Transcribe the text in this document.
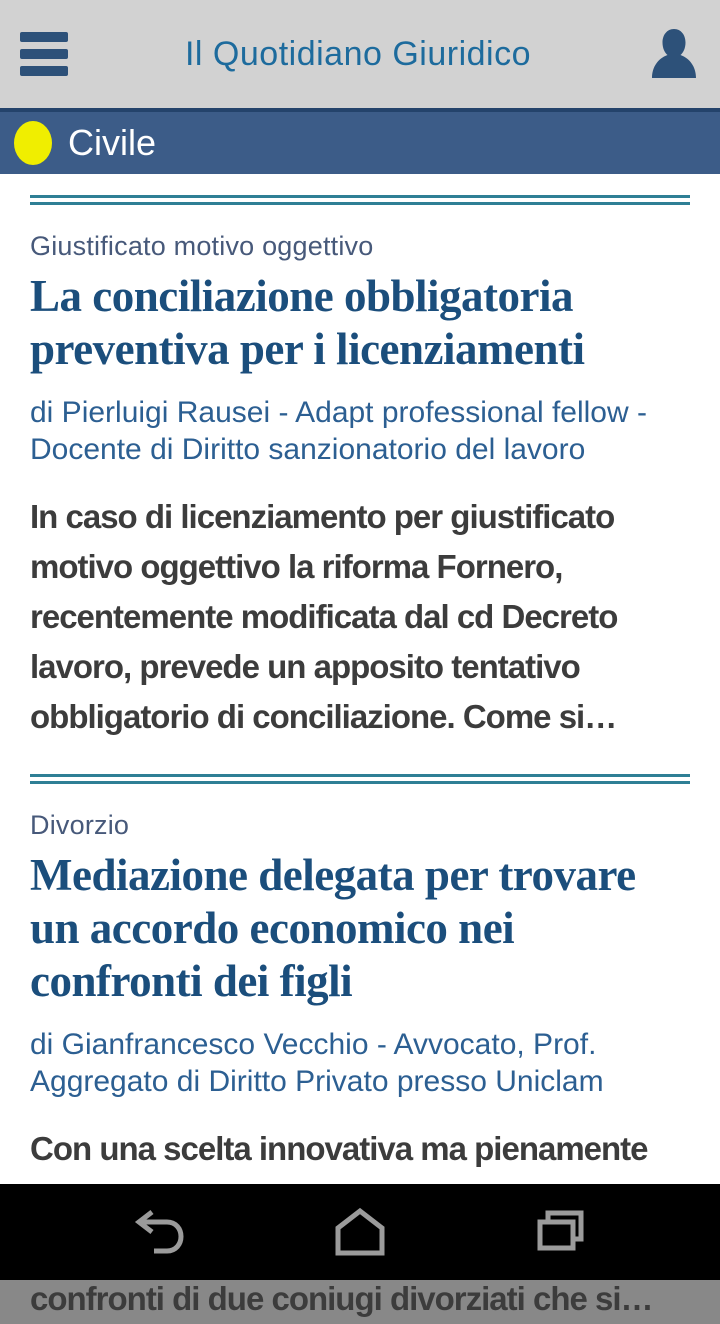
Il Quotidiano Giuridico
Civile
Giustificato motivo oggettivo
La conciliazione obbligatoria preventiva per i licenziamenti
di Pierluigi Rausei - Adapt professional fellow - Docente di Diritto sanzionatorio del lavoro

In caso di licenziamento per giustificato motivo oggettivo la riforma Fornero, recentemente modificata dal cd Decreto lavoro, prevede un apposito tentativo obbligatorio di conciliazione. Come si…

Divorzio
Mediazione delegata per trovare un accordo economico nei confronti dei figli
di Gianfrancesco Vecchio - Avvocato, Prof. Aggregato di Diritto Privato presso Uniclam

Con una scelta innovativa ma pienamente confronti di due coniugi divorziati che si…
